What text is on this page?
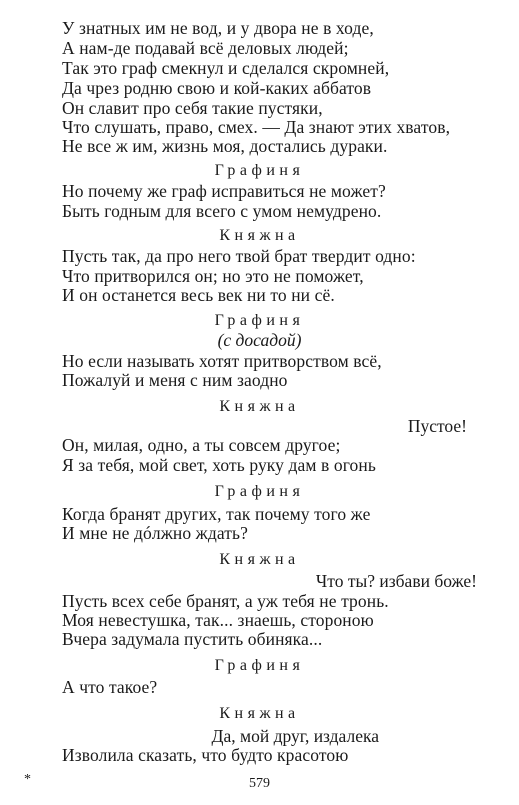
У знатных им не вод, и у двора не в ходе,
А нам-де подавай всё деловых людей;
Так это граф смекнул и сделался скромней,
Да чрез родню свою и кой-каких аббатов
Он славит про себя такие пустяки,
Что слушать, право, смех. — Да знают этих хватов,
Не все ж им, жизнь моя, достались дураки.
Графиня
Но почему же граф исправиться не может?
Быть годным для всего с умом немудрено.
Княжна
Пусть так, да про него твой брат твердит одно:
Что притворился он; но это не поможет,
И он останется весь век ни то ни сё.
Графиня
(с досадой)
Но если называть хотят притворством всё,
Пожалуй и меня с ним заодно
Княжна
Пустое!
Он, милая, одно, а ты совсем другое;
Я за тебя, мой свет, хоть руку дам в огонь
Графиня
Когда бранят других, так почему того же
И мне не дóлжно ждать?
Княжна
Что ты? избави боже!
Пусть всех себе бранят, а уж тебя не тронь.
Моя невестушка, так... знаешь, стороною
Вчера задумала пустить обиняка...
Графиня
А что такое?
Княжна
Да, мой друг, издалека
Изволила сказать, что будто красотою
*	579
